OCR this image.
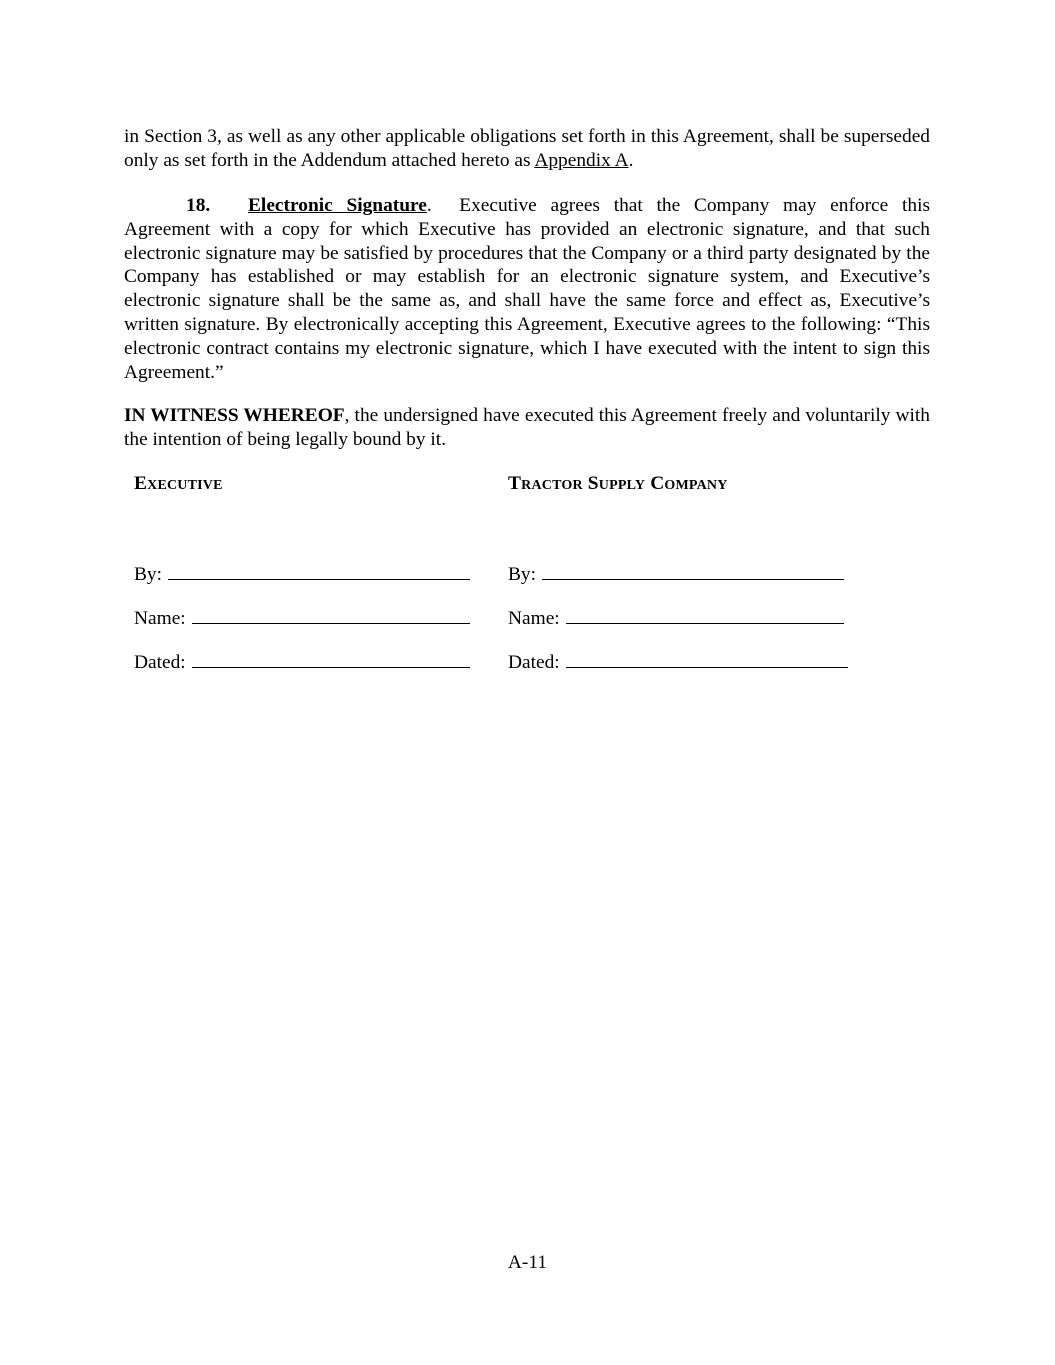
in Section 3, as well as any other applicable obligations set forth in this Agreement, shall be superseded only as set forth in the Addendum attached hereto as Appendix A.

18. Electronic Signature. Executive agrees that the Company may enforce this Agreement with a copy for which Executive has provided an electronic signature, and that such electronic signature may be satisfied by procedures that the Company or a third party designated by the Company has established or may establish for an electronic signature system, and Executive’s electronic signature shall be the same as, and shall have the same force and effect as, Executive’s written signature. By electronically accepting this Agreement, Executive agrees to the following: “This electronic contract contains my electronic signature, which I have executed with the intent to sign this Agreement.”

IN WITNESS WHEREOF, the undersigned have executed this Agreement freely and voluntarily with the intention of being legally bound by it.

Executive	Tractor Supply Company
By:
Name:
Dated:
By:
Name:
Dated:
A-11
